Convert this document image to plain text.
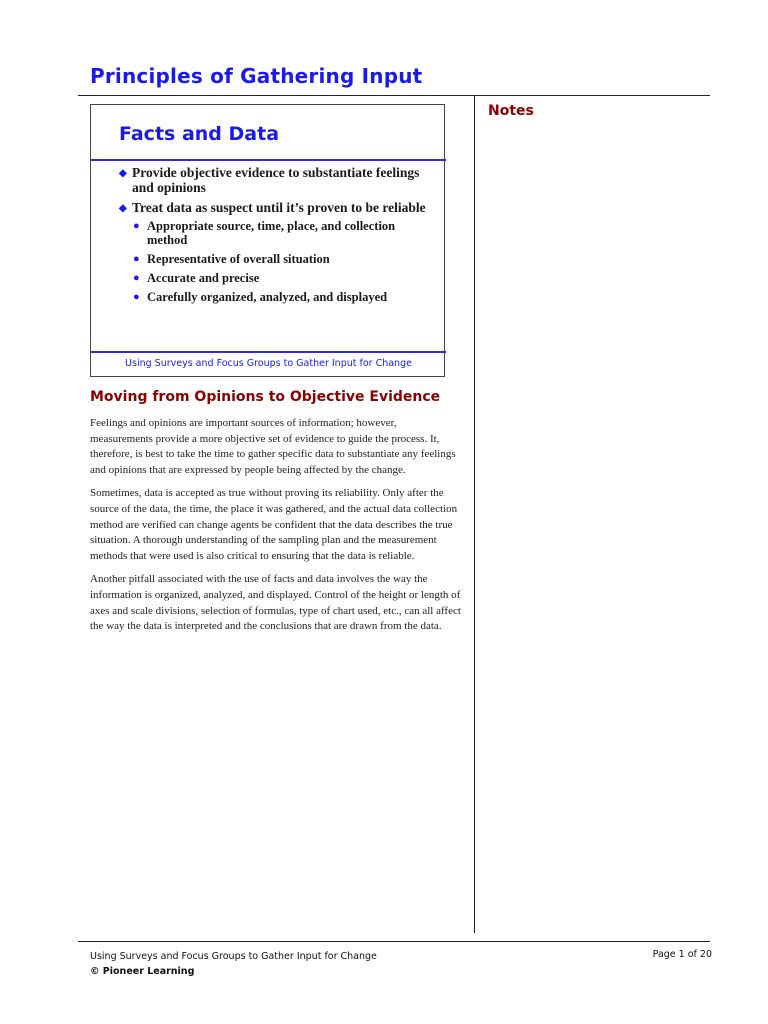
Principles of Gathering Input
Notes
Facts and Data
◆ Provide objective evidence to substantiate feelings and opinions
◆ Treat data as suspect until it’s proven to be reliable
● Appropriate source, time, place, and collection method
● Representative of overall situation
● Accurate and precise
● Carefully organized, analyzed, and displayed
Using Surveys and Focus Groups to Gather Input for Change
Moving from Opinions to Objective Evidence

Feelings and opinions are important sources of information; however, measurements provide a more objective set of evidence to guide the process. It, therefore, is best to take the time to gather specific data to substantiate any feelings and opinions that are expressed by people being affected by the change.

Sometimes, data is accepted as true without proving its reliability. Only after the source of the data, the time, the place it was gathered, and the actual data collection method are verified can change agents be confident that the data describes the true situation. A thorough understanding of the sampling plan and the measurement methods that were used is also critical to ensuring that the data is reliable.

Another pitfall associated with the use of facts and data involves the way the information is organized, analyzed, and displayed. Control of the height or length of axes and scale divisions, selection of formulas, type of chart used, etc., can all affect the way the data is interpreted and the conclusions that are drawn from the data.

Using Surveys and Focus Groups to Gather Input for Change
© Pioneer Learning
Page 1 of 20
